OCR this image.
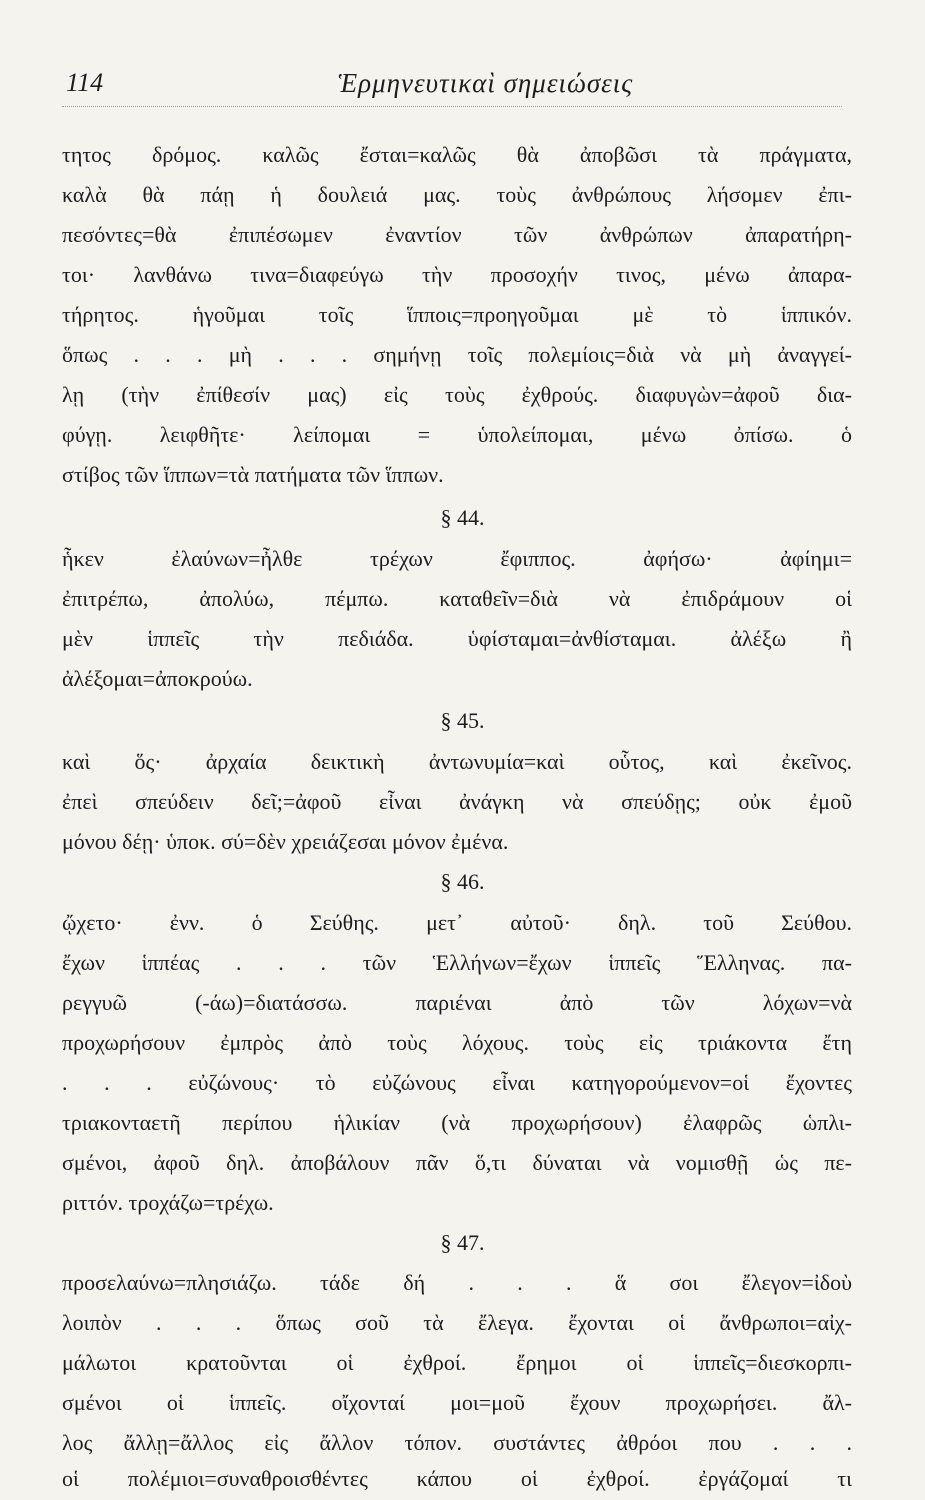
114	Ἑρμηνευτικαὶ σημειώσεις
τητος δρόμος. καλῶς ἔσται=καλῶς θὰ ἀποβῶσι τὰ πράγματα,
καλὰ θὰ πάῃ ἡ δουλειά μας. τοὺς ἀνθρώπους λήσομεν ἐπι-
πεσόντες=θὰ ἐπιπέσωμεν ἐναντίον τῶν ἀνθρώπων ἀπαρατήρη-
τοι· λανθάνω τινα=διαφεύγω τὴν προσοχήν τινος, μένω ἀπαρα-
τήρητος. ἡγοῦμαι τοῖς ἵπποις=προηγοῦμαι μὲ τὸ ἱππικόν.
ὅπως . . . μὴ . . . σημήνῃ τοῖς πολεμίοις=διὰ νὰ μὴ ἀναγγεί-
λῃ (τὴν ἐπίθεσίν μας) εἰς τοὺς ἐχθρούς. διαφυγὼν=ἀφοῦ δια-
φύγῃ. λειφθῆτε· λείπομαι = ὑπολείπομαι, μένω ὀπίσω. ὁ
στίβος τῶν ἵππων=τὰ πατήματα τῶν ἵππων.
§ 44.
ἧκεν ἐλαύνων=ἦλθε τρέχων ἔφιππος. ἀφήσω· ἀφίημι=
ἐπιτρέπω, ἀπολύω, πέμπω. καταθεῖν=διὰ νὰ ἐπιδράμουν οἱ
μὲν ἱππεῖς τὴν πεδιάδα. ὑφίσταμαι=ἀνθίσταμαι. ἀλέξω ἢ
ἀλέξομαι=ἀποκρούω.
§ 45.
καὶ ὅς· ἀρχαία δεικτικὴ ἀντωνυμία=καὶ οὗτος, καὶ ἐκεῖνος.
ἐπεὶ σπεύδειν δεῖ;=ἀφοῦ εἶναι ἀνάγκη νὰ σπεύδῃς; οὐκ ἐμοῦ
μόνου δέῃ· ὑποκ. σύ=δὲν χρειάζεσαι μόνον ἐμένα.
§ 46.
ᾤχετο· ἐνν. ὁ Σεύθης. μετ᾽ αὐτοῦ· δηλ. τοῦ Σεύθου.
ἔχων ἱππέας . . . τῶν Ἑλλήνων=ἔχων ἱππεῖς Ἕλληνας. πα-
ρεγγυῶ (-άω)=διατάσσω. παριέναι ἀπὸ τῶν λόχων=νὰ
προχωρήσουν ἐμπρὸς ἀπὸ τοὺς λόχους. τοὺς εἰς τριάκοντα ἔτη
. . . εὐζώνους· τὸ εὐζώνους εἶναι κατηγορούμενον=οἱ ἔχοντες
τριακονταετῆ περίπου ἡλικίαν (νὰ προχωρήσουν) ἐλαφρῶς ὡπλι-
σμένοι, ἀφοῦ δηλ. ἀποβάλουν πᾶν ὅ,τι δύναται νὰ νομισθῇ ὡς πε-
ριττόν. τροχάζω=τρέχω.
§ 47.
προσελαύνω=πλησιάζω. τάδε δή . . . ἅ σοι ἔλεγον=ἰδοὺ
λοιπὸν . . . ὅπως σοῦ τὰ ἔλεγα. ἔχονται οἱ ἄνθρωποι=αἰχ-
μάλωτοι κρατοῦνται οἱ ἐχθροί. ἔρημοι οἱ ἱππεῖς=διεσκορπι-
σμένοι οἱ ἱππεῖς. οἴχονταί μοι=μοῦ ἔχουν προχωρήσει. ἄλ-
λος ἄλλῃ=ἄλλος εἰς ἄλλον τόπον. συστάντες ἀθρόοι που . . .
οἱ πολέμιοι=συναθροισθέντες κάπου οἱ ἐχθροί. ἐργάζομαί τι
